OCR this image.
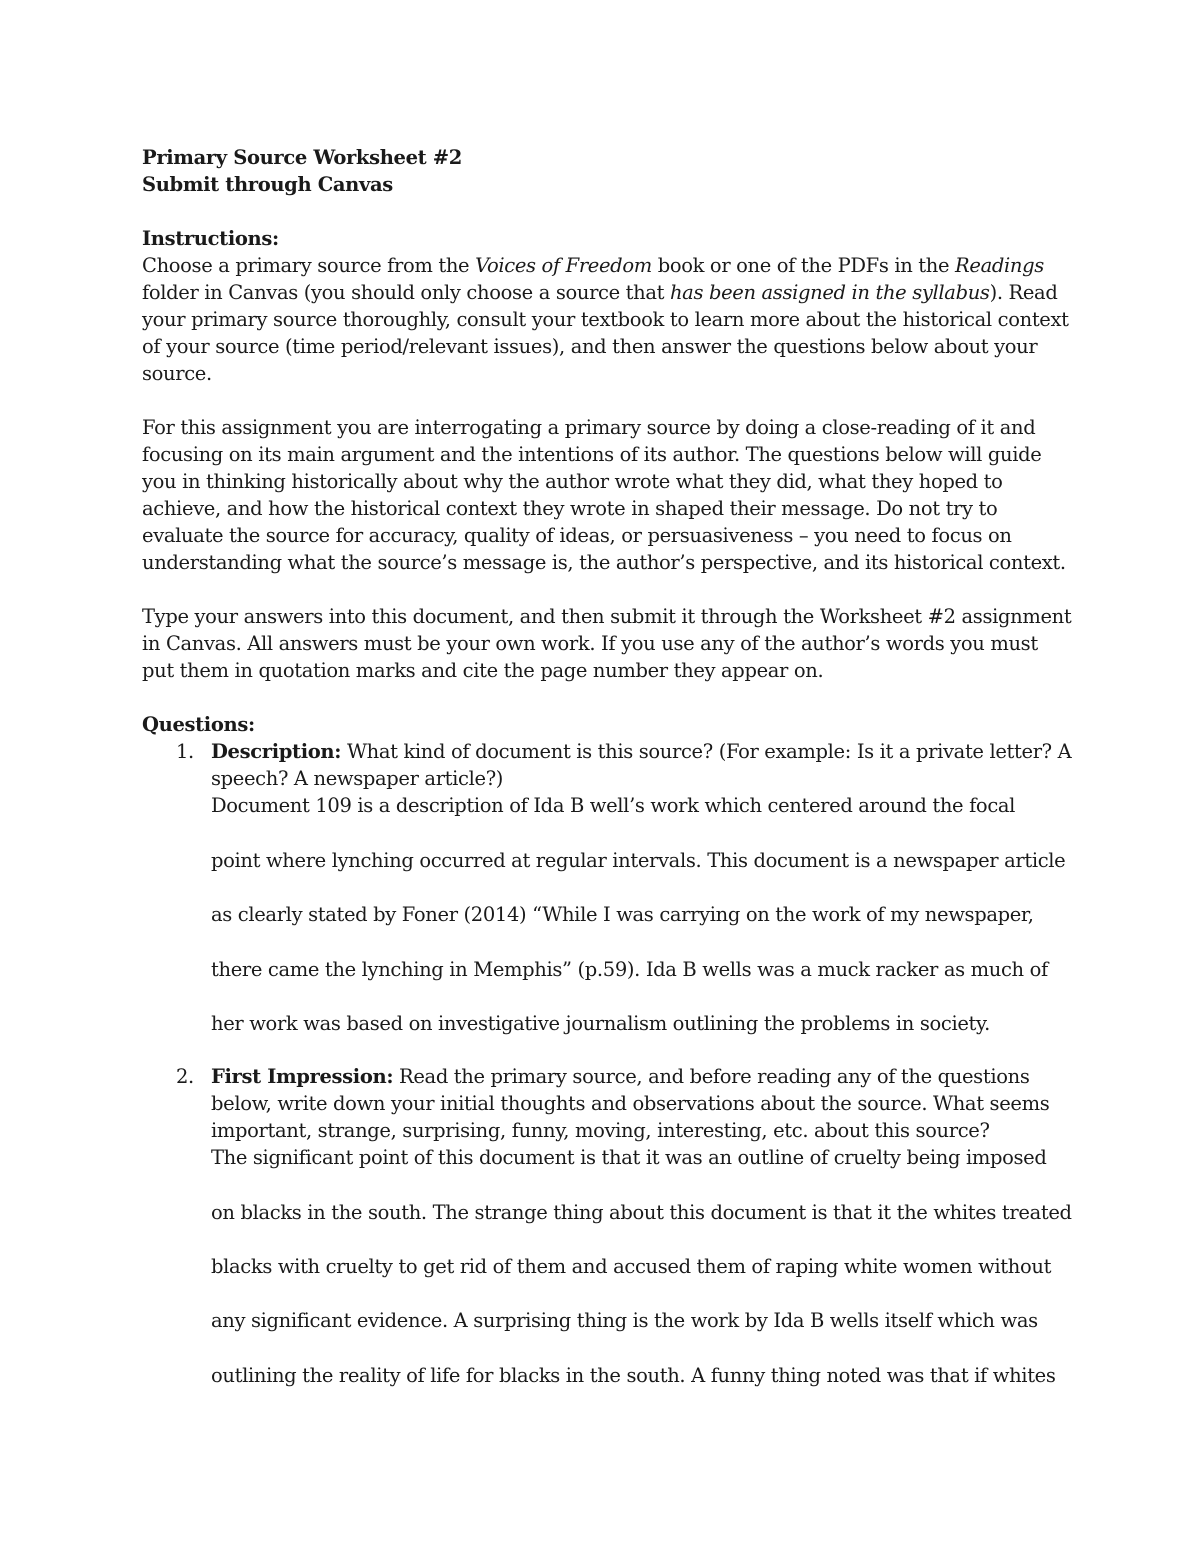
Primary Source Worksheet #2
Submit through Canvas
Instructions:
Choose a primary source from the Voices of Freedom book or one of the PDFs in the Readings
folder in Canvas (you should only choose a source that has been assigned in the syllabus). Read
your primary source thoroughly, consult your textbook to learn more about the historical context
of your source (time period/relevant issues), and then answer the questions below about your
source.
For this assignment you are interrogating a primary source by doing a close-reading of it and
focusing on its main argument and the intentions of its author. The questions below will guide
you in thinking historically about why the author wrote what they did, what they hoped to
achieve, and how the historical context they wrote in shaped their message. Do not try to
evaluate the source for accuracy, quality of ideas, or persuasiveness – you need to focus on
understanding what the source’s message is, the author’s perspective, and its historical context.
Type your answers into this document, and then submit it through the Worksheet #2 assignment
in Canvas. All answers must be your own work. If you use any of the author’s words you must
put them in quotation marks and cite the page number they appear on.
Questions:
1. Description: What kind of document is this source? (For example: Is it a private letter? A
speech? A newspaper article?)
Document 109 is a description of Ida B well’s work which centered around the focal
point where lynching occurred at regular intervals. This document is a newspaper article
as clearly stated by Foner (2014) “While I was carrying on the work of my newspaper,
there came the lynching in Memphis” (p.59). Ida B wells was a muck racker as much of
her work was based on investigative journalism outlining the problems in society.
2. First Impression: Read the primary source, and before reading any of the questions
below, write down your initial thoughts and observations about the source. What seems
important, strange, surprising, funny, moving, interesting, etc. about this source?
The significant point of this document is that it was an outline of cruelty being imposed
on blacks in the south. The strange thing about this document is that it the whites treated
blacks with cruelty to get rid of them and accused them of raping white women without
any significant evidence. A surprising thing is the work by Ida B wells itself which was
outlining the reality of life for blacks in the south. A funny thing noted was that if whites
